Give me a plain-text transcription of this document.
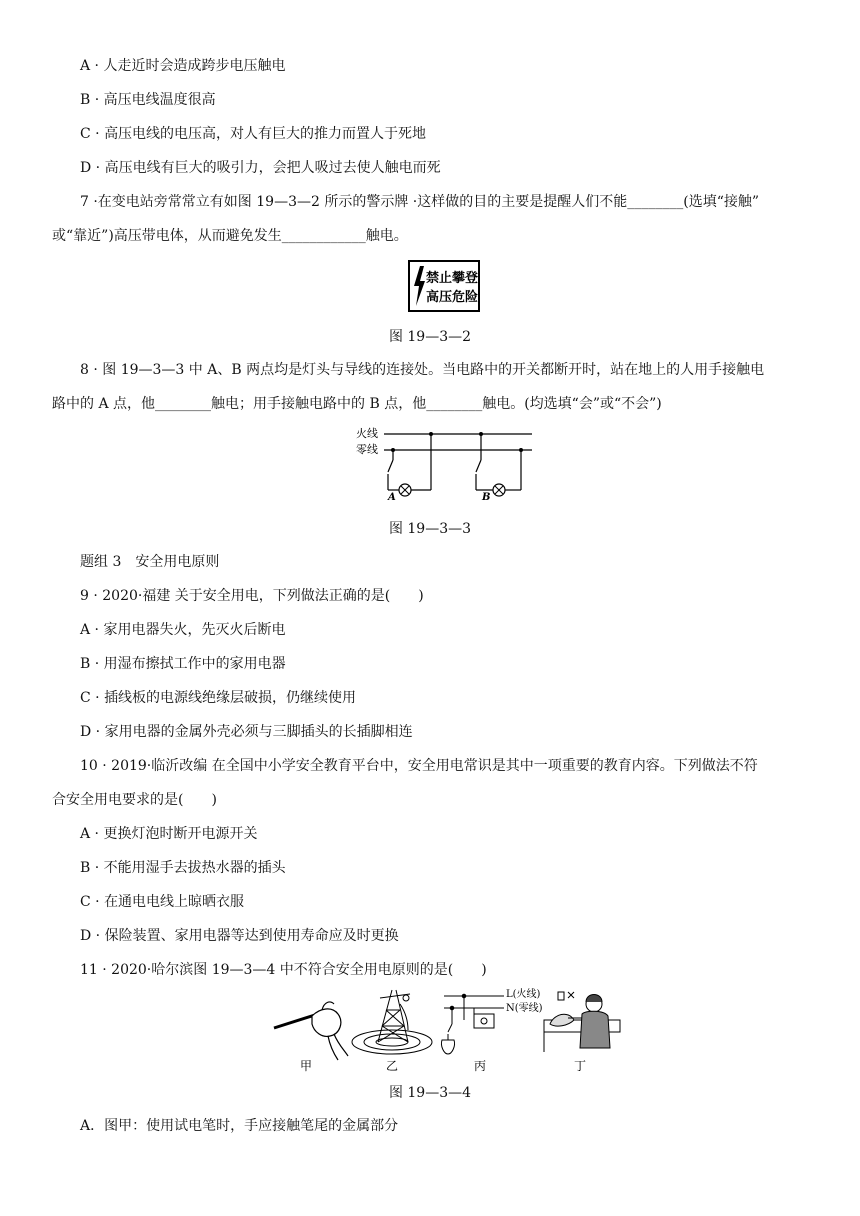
A · 人走近时会造成跨步电压触电
B · 高压电线温度很高
C · 高压电线的电压高，对人有巨大的推力而置人于死地
D · 高压电线有巨大的吸引力，会把人吸过去使人触电而死
7 ·在变电站旁常常立有如图 19—3—2 所示的警示牌 ·这样做的目的主要是提醒人们不能________(选填“接触”
或“靠近”)高压带电体，从而避免发生____________触电。
禁止攀登
高压危险
图 19—3—2
8 · 图 19—3—3 中 A、B 两点均是灯头与导线的连接处。当电路中的开关都断开时，站在地上的人用手接触电
路中的 A 点，他________触电；用手接触电路中的 B 点，他________触电。(均选填“会”或“不会”)
火线
零线
A	B
图 19—3—3
题组 3　安全用电原则
9 · 2020·福建 关于安全用电，下列做法正确的是(　　)
A · 家用电器失火，先灭火后断电
B · 用湿布擦拭工作中的家用电器
C · 插线板的电源线绝缘层破损，仍继续使用
D · 家用电器的金属外壳必须与三脚插头的长插脚相连
10 · 2019·临沂改编 在全国中小学安全教育平台中，安全用电常识是其中一项重要的教育内容。下列做法不符
合安全用电要求的是(　　)
A · 更换灯泡时断开电源开关
B · 不能用湿手去拔热水器的插头
C · 在通电电线上晾晒衣服
D · 保险装置、家用电器等达到使用寿命应及时更换
11 · 2020·哈尔滨图 19—3—4 中不符合安全用电原则的是(　　)
甲	乙
L(火线)
N(零线)
丙	丁
图 19—3—4
A．图甲：使用试电笔时，手应接触笔尾的金属部分
